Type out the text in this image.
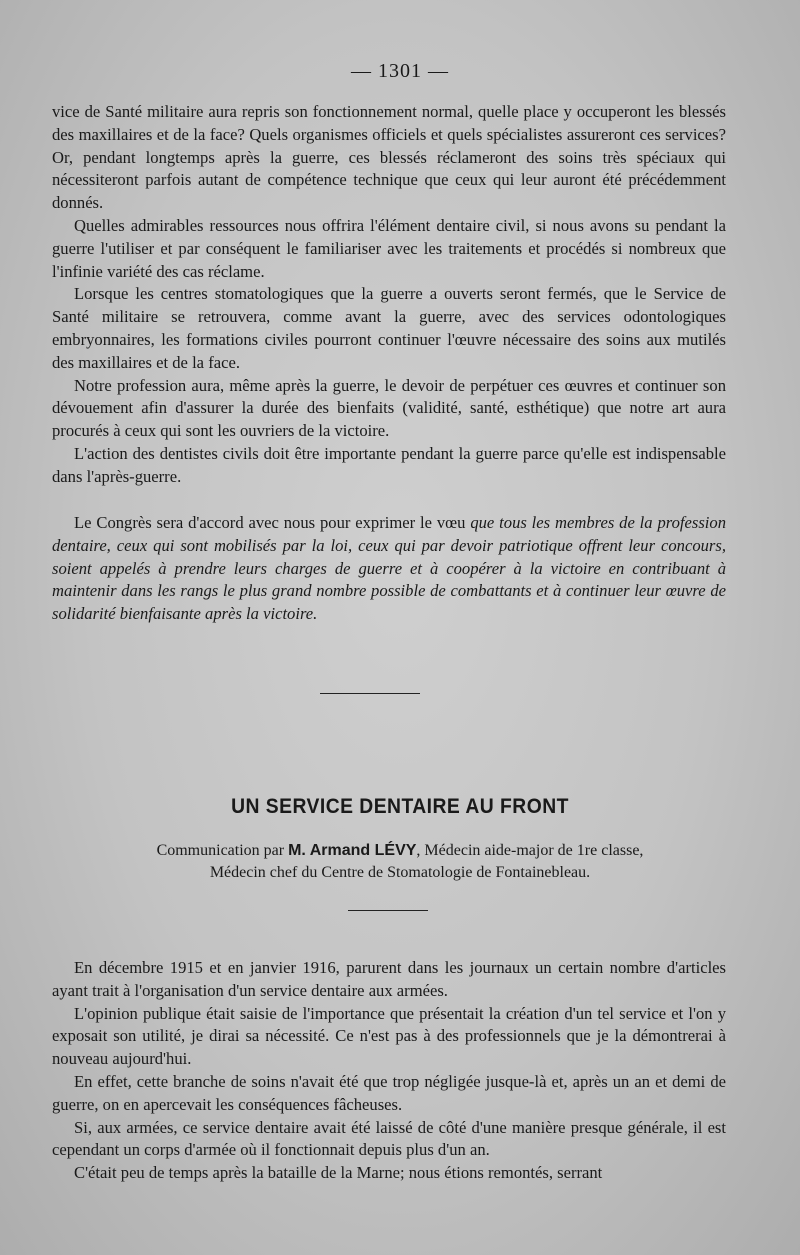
— 1301 —

vice de Santé militaire aura repris son fonctionnement normal, quelle place y occuperont les blessés des maxillaires et de la face? Quels organismes officiels et quels spécialistes assureront ces services? Or, pendant longtemps après la guerre, ces blessés réclameront des soins très spéciaux qui nécessiteront parfois autant de compétence technique que ceux qui leur auront été précédemment donnés.

Quelles admirables ressources nous offrira l'élément dentaire civil, si nous avons su pendant la guerre l'utiliser et par conséquent le familiariser avec les traitements et procédés si nombreux que l'infinie variété des cas réclame.

Lorsque les centres stomatologiques que la guerre a ouverts seront fermés, que le Service de Santé militaire se retrouvera, comme avant la guerre, avec des services odontologiques embryonnaires, les formations civiles pourront continuer l'œuvre nécessaire des soins aux mutilés des maxillaires et de la face.

Notre profession aura, même après la guerre, le devoir de perpétuer ces œuvres et continuer son dévouement afin d'assurer la durée des bienfaits (validité, santé, esthétique) que notre art aura procurés à ceux qui sont les ouvriers de la victoire.

L'action des dentistes civils doit être importante pendant la guerre parce qu'elle est indispensable dans l'après-guerre.

Le Congrès sera d'accord avec nous pour exprimer le vœu que tous les membres de la profession dentaire, ceux qui sont mobilisés par la loi, ceux qui par devoir patriotique offrent leur concours, soient appelés à prendre leurs charges de guerre et à coopérer à la victoire en contribuant à maintenir dans les rangs le plus grand nombre possible de combattants et à continuer leur œuvre de solidarité bienfaisante après la victoire.

UN SERVICE DENTAIRE AU FRONT
Communication par M. Armand LÉVY, Médecin aide-major de 1re classe,
Médecin chef du Centre de Stomatologie de Fontainebleau.

En décembre 1915 et en janvier 1916, parurent dans les journaux un certain nombre d'articles ayant trait à l'organisation d'un service dentaire aux armées.

L'opinion publique était saisie de l'importance que présentait la création d'un tel service et l'on y exposait son utilité, je dirai sa nécessité. Ce n'est pas à des professionnels que je la démontrerai à nouveau aujourd'hui.

En effet, cette branche de soins n'avait été que trop négligée jusque-là et, après un an et demi de guerre, on en apercevait les conséquences fâcheuses.

Si, aux armées, ce service dentaire avait été laissé de côté d'une manière presque générale, il est cependant un corps d'armée où il fonctionnait depuis plus d'un an.

C'était peu de temps après la bataille de la Marne; nous étions remontés, serrant
